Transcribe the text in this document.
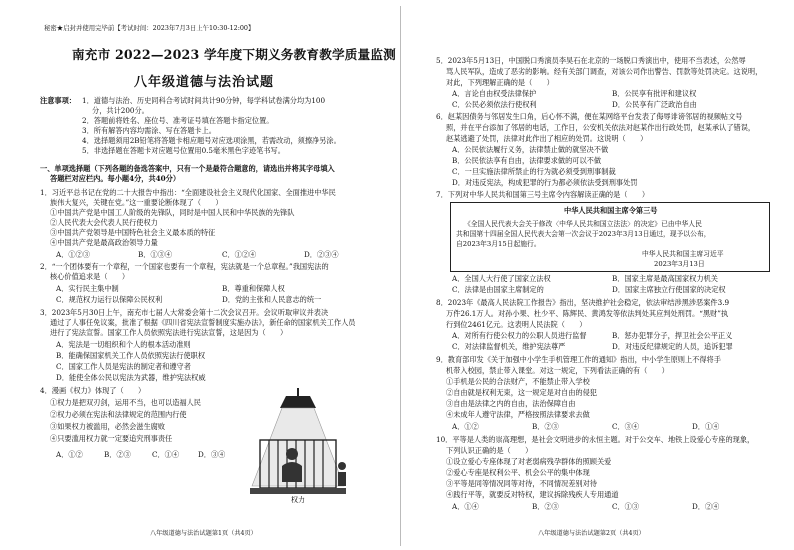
秘密★启封并使用完毕前【考试时间：2023年7月3日上午10:30-12:00】
南充市 2022—2023 学年度下期义务教育教学质量监测
八年级道德与法治试题
注意事项： 1．道德与法治、历史同科合考试时间共计90分钟，每学科试卷满分均为100
分，共计200分。
2．答题前将姓名、座位号、准考证号填在答题卡指定位置。
3．所有解答内容均需涂、写在答题卡上。
4．选择题须用2B铅笔将答题卡相应题号对应选项涂黑，若需改动，须擦净另涂。
5．非选择题在答题卡对应题号位置用0.5毫米黑色字迹笔书写。
一、单项选择题（下列各题的备选答案中，只有一个是最符合题意的，请选出并将其字母填入
答题栏对应栏内。每小题4分，共40分）
1．习近平总书记在党的二十大报告中指出：“全面建设社会主义现代化国家、全面推进中华民
族伟大复兴，关键在党。”这一重要论断体现了（　　）
①中国共产党是中国工人阶级的先锋队，同时是中国人民和中华民族的先锋队
②人民代表大会代表人民行使权力
③中国共产党领导是中国特色社会主义最本质的特征
④中国共产党是最高政治领导力量
A．①②③	B．①③④	C．①②④	D．②③④
2．“一个团体要有一个章程，一个国家也要有一个章程，宪法就是一个总章程。”我国宪法的
核心价值追求是（　　）
A．实行民主集中制	B．尊重和保障人权
C．规范权力运行以保障公民权利	D．党的主张和人民意志的统一
3．2023年5月30日上午，南充市七届人大常委会第十二次会议召开。会议听取审议并表决
通过了人事任免议案，批准了根据《四川省宪法宣誓制度实施办法》，新任命的国家机关工作人员
进行了宪法宣誓。国家工作人员依照宪法进行宪法宣誓，这是因为（　　）
A．宪法是一切组织和个人的根本活动准则
B．能确保国家机关工作人员依照宪法行使职权
C．国家工作人员是宪法的制定者和遵守者
D．能使全体公民以宪法为武器，维护宪法权威
4．漫画《权力》体现了（　　）
①权力是把双刃剑，运用不当，也可以造福人民
②权力必须在宪法和法律规定的范围内行使
③如果权力被滥用，必然会滋生腐败
④只要滥用权力就一定要追究刑事责任
A．①②	B．②③	C．①④	D．③④
权力
八年级道德与法治试题第1页（共4页）
5．2023年5月13日，中国脱口秀演员李昊石在北京的一场脱口秀演出中，使用不当表述，公然辱
骂人民军队，造成了恶劣的影响。经有关部门调查，对该公司作出警告、罚款等处罚决定。这说明，
对此，下列理解正确的是（　　）
A．言论自由权受法律保护	B．公民享有批评和建议权
C．公民必须依法行使权利	D．公民享有广泛政治自由
6．赵某因债务与邻居发生口角，后心怀不满，便在某网络平台发表了侮辱诽谤邻居的视频帖文号
照，并在平台添加了邻居的电话，工作日，公安机关依法对赵某作出行政处罚，赵某承认了错误，
赵某逃避了处罚，法律对此作出了相应的处罚。这说明（　　）
A．公民依法履行义务，法律禁止做的就坚决不做
B．公民依法享有自由，法律要求做的可以不做
C．一旦实施法律所禁止的行为就必须受到刑事制裁
D．对违反宪法，构成犯罪的行为都必须依法受到刑事处罚
7．下列对中华人民共和国第三号主席令内容解读正确的是（　　）
中华人民共和国主席令第三号
《全国人民代表大会关于修改〈中华人民共和国立法法〉的决定》已由中华人民
共和国第十四届全国人民代表大会第一次会议于2023年3月13日通过，现予以公布，
自2023年3月15日起施行。
中华人民共和国主席习近平
2023年3月13日
A．全国人大行使了国家立法权	B．国家主席是最高国家权力机关
C．法律是由国家主席制定的	D．国家主席独立行使国家的决定权
8．2023年《最高人民法院工作报告》指出，坚决推护社会稳定，依法审结涉黑涉恶案件3.9
万件26.1万人。对孙小果、杜少平、陈辉民、黄鸿发等依法判处其应判处刑罚。“黑财”执
行到位2461亿元。这表明人民法院（　　）
A．对所有行使公权力的公职人员进行监督	B．惩办犯罪分子，捍卫社会公平正义
C．对法律监督机关，维护宪法尊严	D．对违反纪律规定的人员，追诉犯罪
9．教育部印发《关于加强中小学生手机管理工作的通知》指出，中小学生原则上不得将手
机带入校园，禁止带入课堂。对这一规定，下列看法正确的有（　　）
①手机是公民的合法财产，不能禁止带入学校
②自由就是权利无束，这一规定是对自由的侵犯
③自由是法律之内的自由，法治保障自由
④未成年人遵守法律，严格按照法律要求去做
A．①②	B．②③	C．③④	D．①④
10．平等是人类的崇高理想，是社会文明进步的永恒主题。对于公交车、地铁上设爱心专座的现象，
下列认识正确的是（　　）
①设立爱心专座体现了对老弱病残孕群体的照顾关爱
②爱心专座是权利公平、机会公平的集中体现
③平等是同等情况同等对待，不同情况差别对待
④践行平等，就要反对特权，建议拆除残疾人专用通道
A．①④	B．②③	C．①③	D．②④
八年级道德与法治试题第2页（共4页）
